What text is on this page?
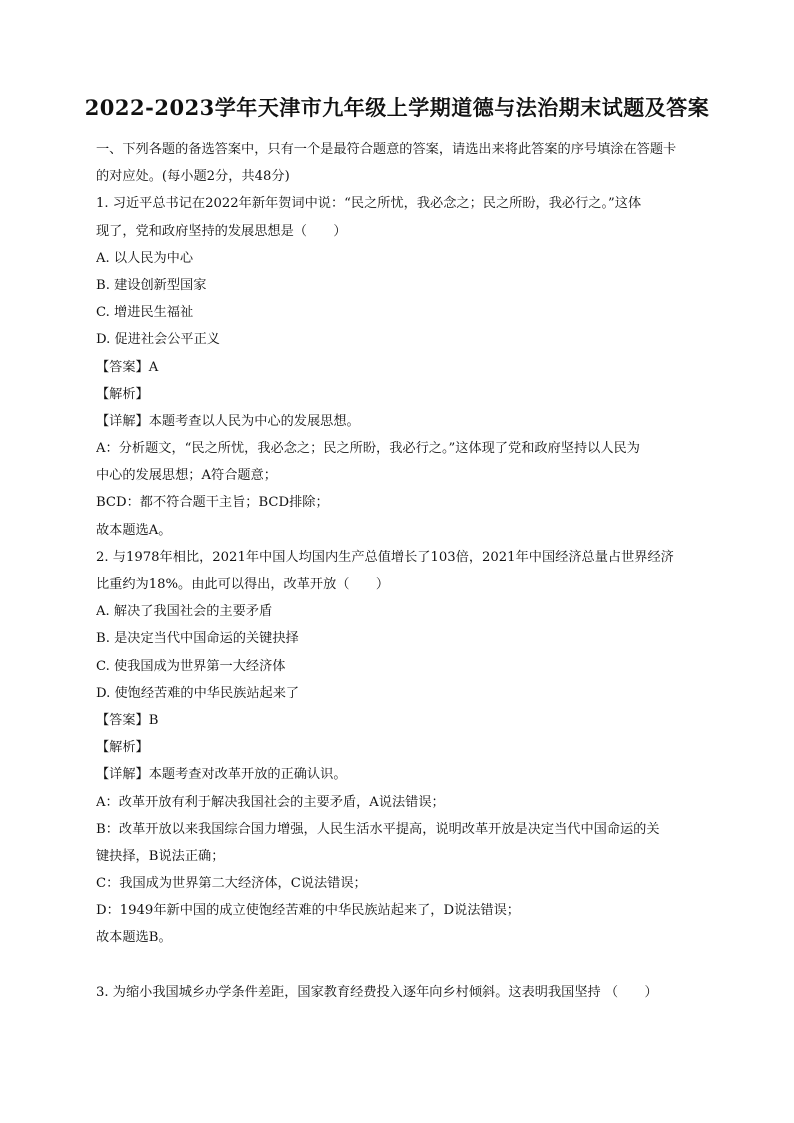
2022-2023学年天津市九年级上学期道德与法治期末试题及答案
一、下列各题的备选答案中，只有一个是最符合题意的答案，请选出来将此答案的序号填涂在答题卡
的对应处。(每小题2分，共48分)
1. 习近平总书记在2022年新年贺词中说：“民之所忧，我必念之；民之所盼，我必行之。”这体
现了，党和政府坚持的发展思想是（　　）
A. 以人民为中心
B. 建设创新型国家
C. 增进民生福祉
D. 促进社会公平正义
【答案】A
【解析】
【详解】本题考查以人民为中心的发展思想。
A：分析题文，“民之所忧，我必念之；民之所盼，我必行之。”这体现了党和政府坚持以人民为
中心的发展思想；A符合题意；
BCD：都不符合题干主旨；BCD排除；
故本题选A。
2. 与1978年相比，2021年中国人均国内生产总值增长了103倍，2021年中国经济总量占世界经济
比重约为18%。由此可以得出，改革开放（　　）
A. 解决了我国社会的主要矛盾
B. 是决定当代中国命运的关键抉择
C. 使我国成为世界第一大经济体
D. 使饱经苦难的中华民族站起来了
【答案】B
【解析】
【详解】本题考查对改革开放的正确认识。
A：改革开放有利于解决我国社会的主要矛盾，A说法错误；
B：改革开放以来我国综合国力增强，人民生活水平提高，说明改革开放是决定当代中国命运的关
键抉择，B说法正确；
C：我国成为世界第二大经济体，C说法错误；
D：1949年新中国的成立使饱经苦难的中华民族站起来了，D说法错误；
故本题选B。
3. 为缩小我国城乡办学条件差距，国家教育经费投入逐年向乡村倾斜。这表明我国坚持 （　　）
